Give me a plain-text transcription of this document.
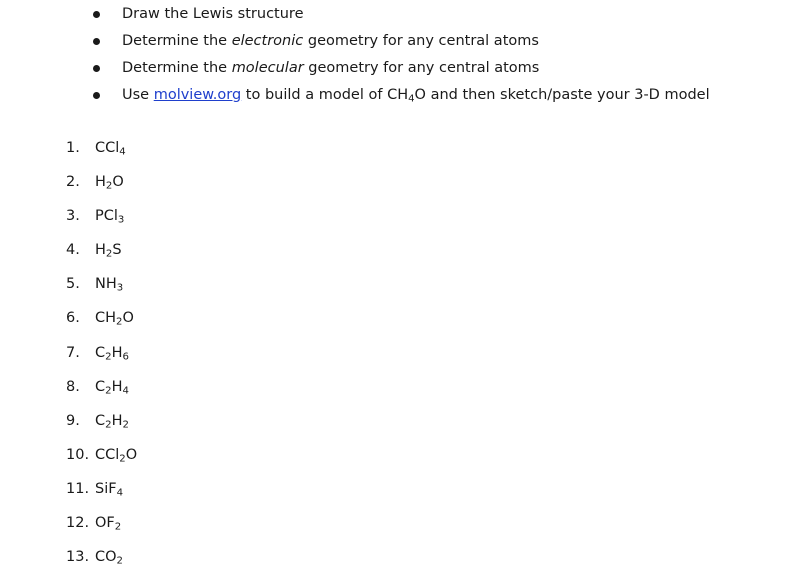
Draw the Lewis structure
Determine the electronic geometry for any central atoms
Determine the molecular geometry for any central atoms
Use molview.org to build a model of $CH_4O$ and then sketch/paste your 3-D model
1. CCl$_4$
2. $H_2O$
3. PCl$_3$
4. $H_2S$
5. $NH_3$
6. $CH_2O$
7. $C_2H_6$
8. $C_2H_4$
9. $C_2H_2$
10. CCl$_2$O
11. SiF$_4$
12. $OF_2$
13. $CO_2$
